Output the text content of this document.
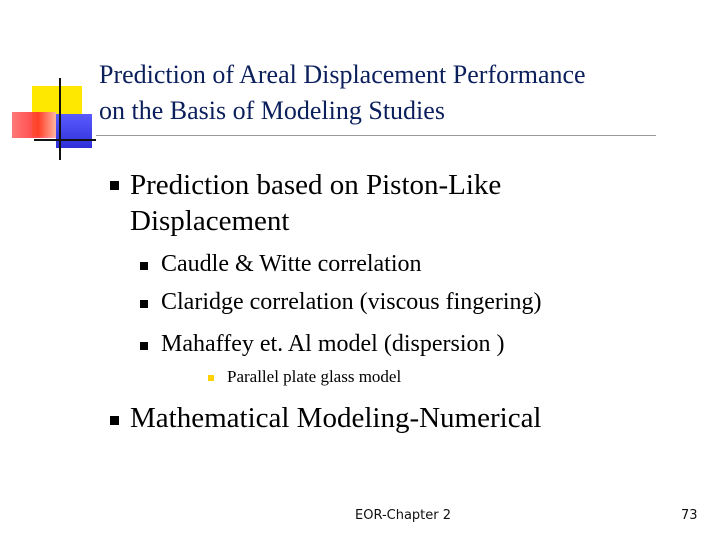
Prediction of Areal Displacement Performance
on the Basis of Modeling Studies
Prediction based on Piston-Like
Displacement
Caudle & Witte correlation
Claridge correlation (viscous fingering)
Mahaffey et. Al model (dispersion )
Parallel plate glass model
Mathematical Modeling-Numerical
EOR-Chapter 2	73
